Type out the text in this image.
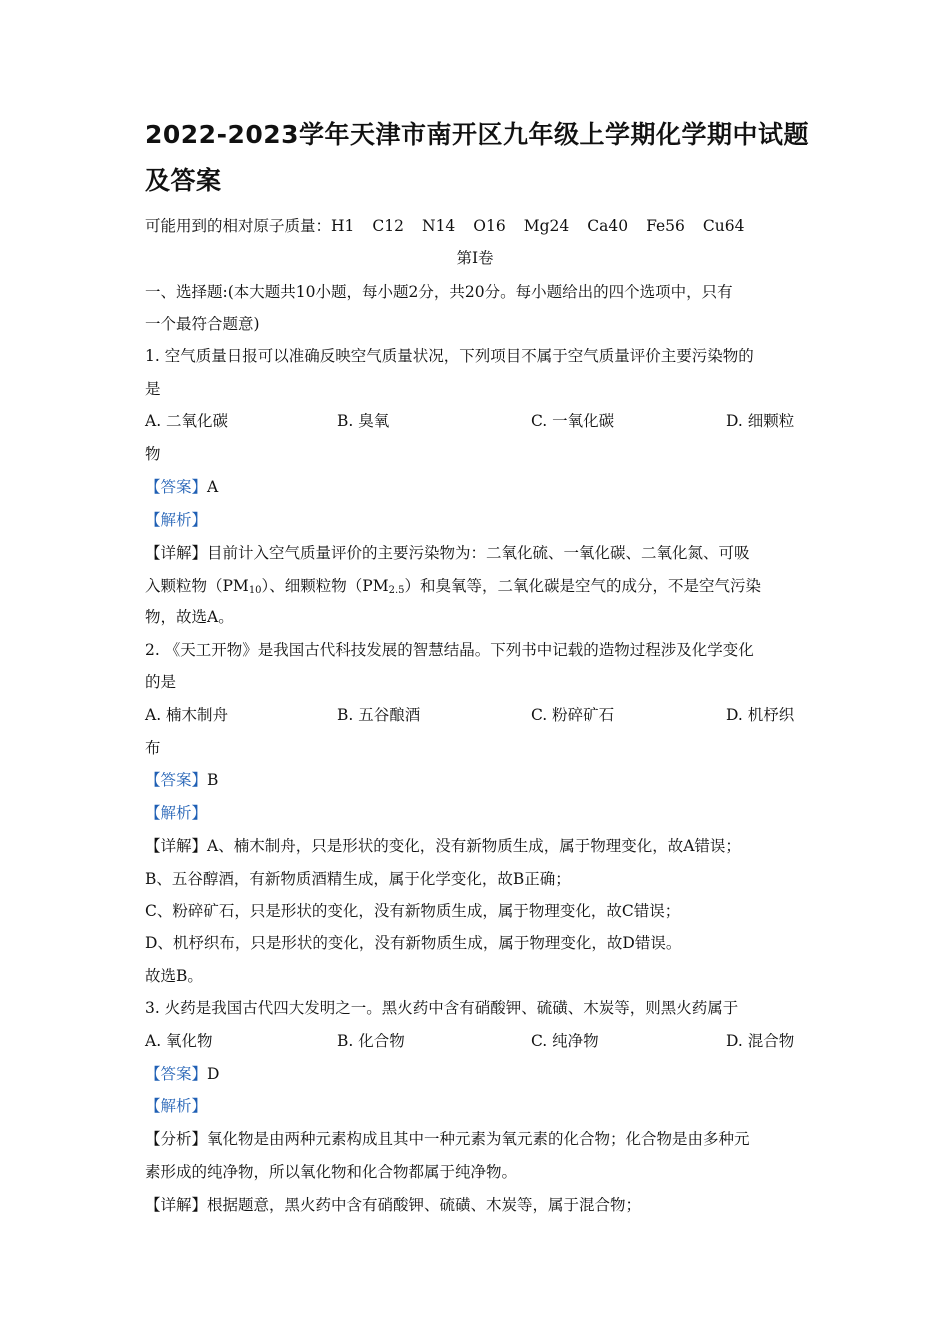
2022-2023学年天津市南开区九年级上学期化学期中试题及答案
可能用到的相对原子质量：H1 C12 N14 O16 Mg24 Ca40 Fe56 Cu64
第I卷
一、选择题:(本大题共10小题，每小题2分，共20分。每小题给出的四个选项中，只有
一个最符合题意)
1. 空气质量日报可以准确反映空气质量状况，下列项目不属于空气质量评价主要污染物的
是
A. 二氧化碳	B. 臭氧	C. 一氧化碳	D. 细颗粒
物
【答案】A
【解析】
【详解】目前计入空气质量评价的主要污染物为：二氧化硫、一氧化碳、二氧化氮、可吸
入颗粒物$(PM_{10})$、细颗粒物$(PM_{2.5})$和臭氧等，二氧化碳是空气的成分，不是空气污染
物，故选A。
2. 《天工开物》是我国古代科技发展的智慧结晶。下列书中记载的造物过程涉及化学变化
的是
A. 楠木制舟	B. 五谷酿酒	C. 粉碎矿石	D. 机杼织
布
【答案】B
【解析】
【详解】A、楠木制舟，只是形状的变化，没有新物质生成，属于物理变化，故A错误；
B、五谷醇酒，有新物质酒精生成，属于化学变化，故B正确；
C、粉碎矿石，只是形状的变化，没有新物质生成，属于物理变化，故C错误；
D、机杼织布，只是形状的变化，没有新物质生成，属于物理变化，故D错误。
故选B。
3. 火药是我国古代四大发明之一。黑火药中含有硝酸钾、硫磺、木炭等，则黑火药属于
A. 氧化物	B. 化合物	C. 纯净物	D. 混合物
【答案】D
【解析】
【分析】氧化物是由两种元素构成且其中一种元素为氧元素的化合物；化合物是由多种元
素形成的纯净物，所以氧化物和化合物都属于纯净物。
【详解】根据题意，黑火药中含有硝酸钾、硫磺、木炭等，属于混合物；
